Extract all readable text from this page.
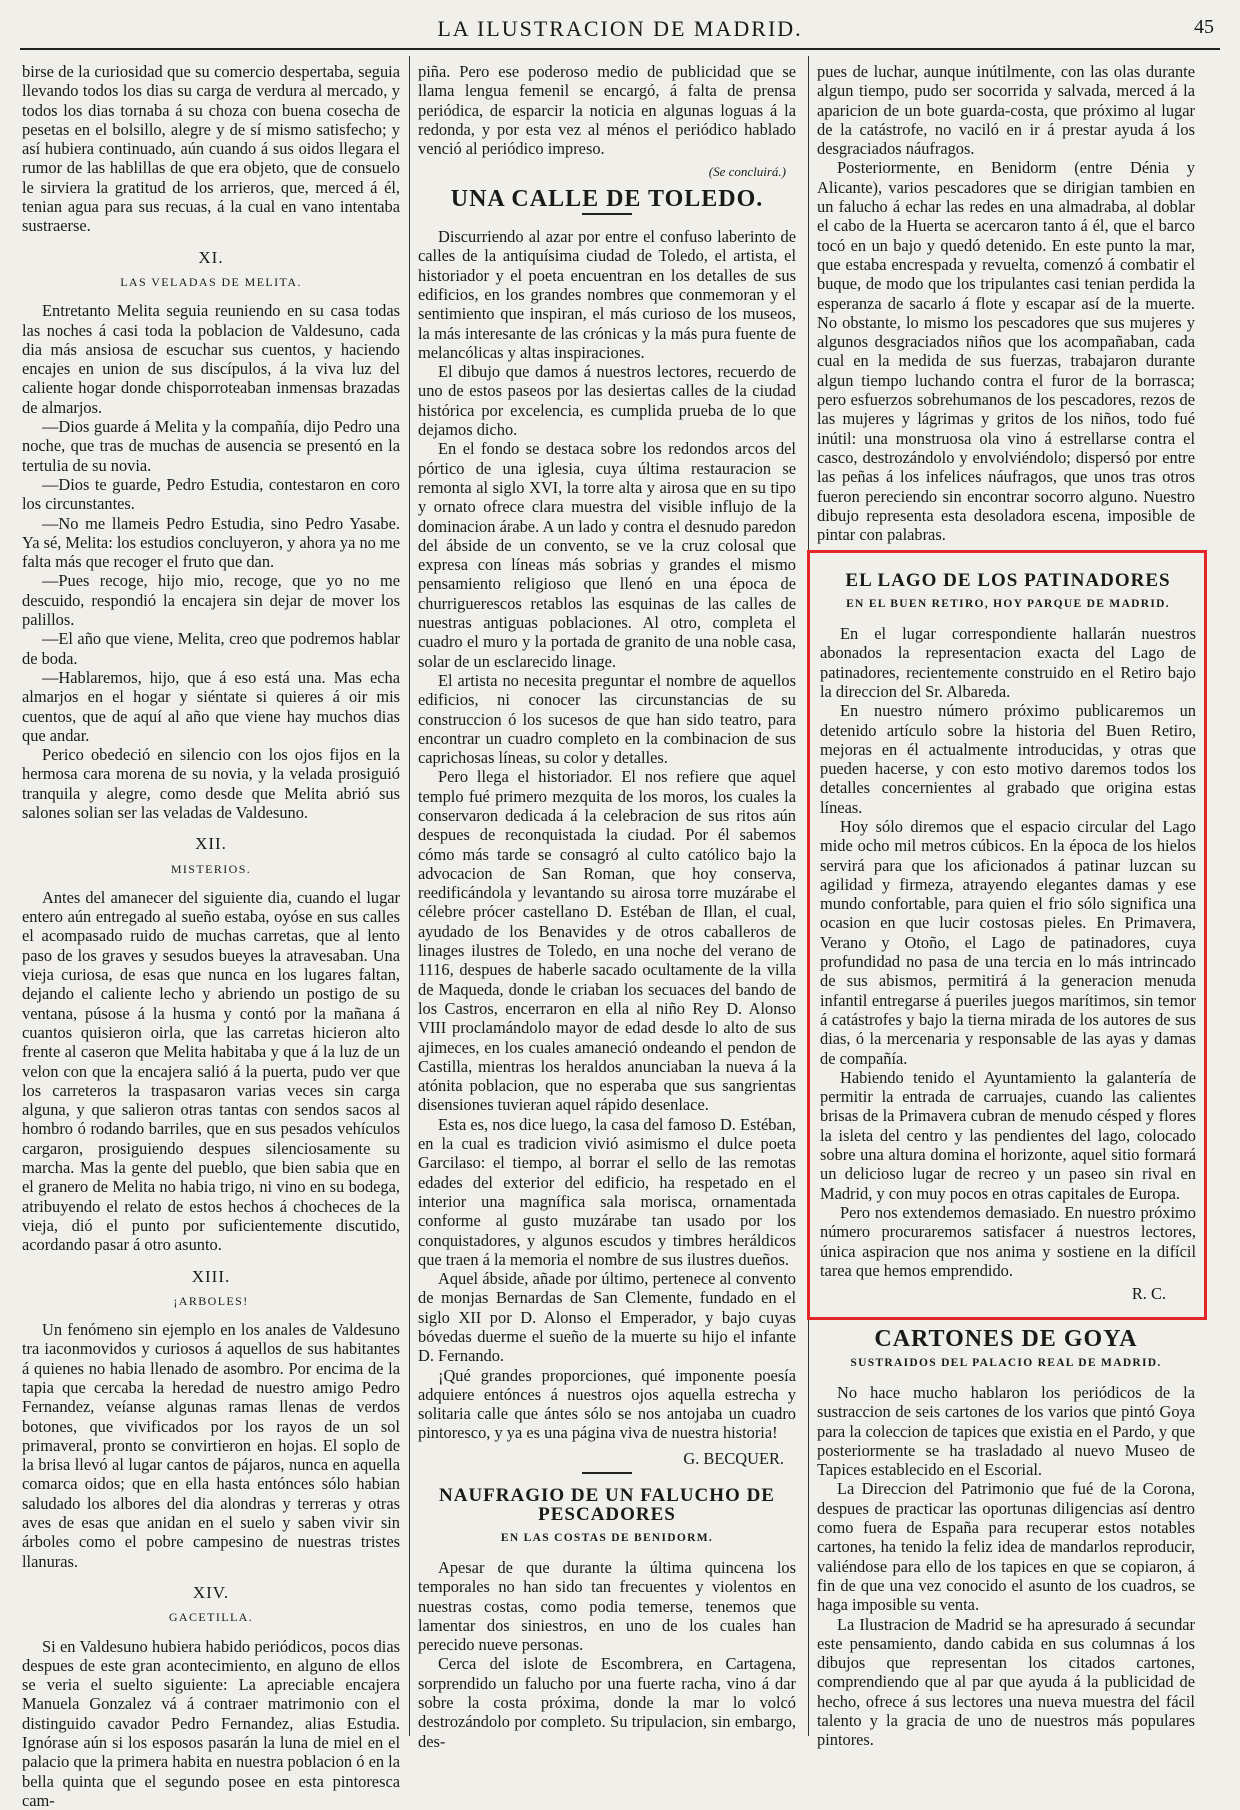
LA ILUSTRACION DE MADRID.	45

birse de la curiosidad que su comercio despertaba, seguia llevando todos los dias su carga de verdura al mercado, y todos los dias tornaba á su choza con buena cosecha de pesetas en el bolsillo, alegre y de sí mismo satisfecho; y así hubiera continuado, aún cuando á sus oidos llegara el rumor de las hablillas de que era objeto, que de consuelo le sirviera la gratitud de los arrieros, que, merced á él, tenian agua para sus recuas, á la cual en vano intentaba sustraerse.

XI.
LAS VELADAS DE MELITA.

Entretanto Melita seguia reuniendo en su casa todas las noches á casi toda la poblacion de Valdesuno, cada dia más ansiosa de escuchar sus cuentos, y haciendo encajes en union de sus discípulos, á la viva luz del caliente hogar donde chisporroteaban inmensas brazadas de almarjos.

—Dios guarde á Melita y la compañía, dijo Pedro una noche, que tras de muchas de ausencia se presentó en la tertulia de su novia.

—Dios te guarde, Pedro Estudia, contestaron en coro los circunstantes.

—No me llameis Pedro Estudia, sino Pedro Yasabe. Ya sé, Melita: los estudios concluyeron, y ahora ya no me falta más que recoger el fruto que dan.

—Pues recoge, hijo mio, recoge, que yo no me descuido, respondió la encajera sin dejar de mover los palillos.

—El año que viene, Melita, creo que podremos hablar de boda.

—Hablaremos, hijo, que á eso está una. Mas echa almarjos en el hogar y siéntate si quieres á oir mis cuentos, que de aquí al año que viene hay muchos dias que andar.

Perico obedeció en silencio con los ojos fijos en la hermosa cara morena de su novia, y la velada prosiguió tranquila y alegre, como desde que Melita abrió sus salones solian ser las veladas de Valdesuno.

XII.
MISTERIOS.

Antes del amanecer del siguiente dia, cuando el lugar entero aún entregado al sueño estaba, oyóse en sus calles el acompasado ruido de muchas carretas, que al lento paso de los graves y sesudos bueyes la atravesaban. Una vieja curiosa, de esas que nunca en los lugares faltan, dejando el caliente lecho y abriendo un postigo de su ventana, púsose á la husma y contó por la mañana á cuantos quisieron oirla, que las carretas hicieron alto frente al caseron que Melita habitaba y que á la luz de un velon con que la encajera salió á la puerta, pudo ver que los carreteros la traspasaron varias veces sin carga alguna, y que salieron otras tantas con sendos sacos al hombro ó rodando barriles, que en sus pesados vehículos cargaron, prosiguiendo despues silenciosamente su marcha. Mas la gente del pueblo, que bien sabia que en el granero de Melita no habia trigo, ni vino en su bodega, atribuyendo el relato de estos hechos á chocheces de la vieja, dió el punto por suficientemente discutido, acordando pasar á otro asunto.

XIII.
¡ARBOLES!

Un fenómeno sin ejemplo en los anales de Valdesuno tra iaconmovidos y curiosos á aquellos de sus habitantes á quienes no habia llenado de asombro. Por encima de la tapia que cercaba la heredad de nuestro amigo Pedro Fernandez, veíanse algunas ramas llenas de verdos botones, que vivificados por los rayos de un sol primaveral, pronto se convirtieron en hojas. El soplo de la brisa llevó al lugar cantos de pájaros, nunca en aquella comarca oidos; que en ella hasta entónces sólo habian saludado los albores del dia alondras y terreras y otras aves de esas que anidan en el suelo y saben vivir sin árboles como el pobre campesino de nuestras tristes llanuras.

XIV.
GACETILLA.

Si en Valdesuno hubiera habido periódicos, pocos dias despues de este gran acontecimiento, en alguno de ellos se veria el suelto siguiente: La apreciable encajera Manuela Gonzalez vá á contraer matrimonio con el distinguido cavador Pedro Fernandez, alias Estudia. Ignórase aún si los esposos pasarán la luna de miel en el palacio que la primera habita en nuestra poblacion ó en la bella quinta que el segundo posee en esta pintoresca cam-

piña. Pero ese poderoso medio de publicidad que se llama lengua femenil se encargó, á falta de prensa periódica, de esparcir la noticia en algunas loguas á la redonda, y por esta vez al ménos el periódico hablado venció al periódico impreso.

(Se concluirá.)

UNA CALLE DE TOLEDO.

Discurriendo al azar por entre el confuso laberinto de calles de la antiquísima ciudad de Toledo, el artista, el historiador y el poeta encuentran en los detalles de sus edificios, en los grandes nombres que conmemoran y el sentimiento que inspiran, el más curioso de los museos, la más interesante de las crónicas y la más pura fuente de melancólicas y altas inspiraciones.

El dibujo que damos á nuestros lectores, recuerdo de uno de estos paseos por las desiertas calles de la ciudad histórica por excelencia, es cumplida prueba de lo que dejamos dicho.

En el fondo se destaca sobre los redondos arcos del pórtico de una iglesia, cuya última restauracion se remonta al siglo XVI, la torre alta y airosa que en su tipo y ornato ofrece clara muestra del visible influjo de la dominacion árabe. A un lado y contra el desnudo paredon del ábside de un convento, se ve la cruz colosal que expresa con líneas más sobrias y grandes el mismo pensamiento religioso que llenó en una época de churriguerescos retablos las esquinas de las calles de nuestras antiguas poblaciones. Al otro, completa el cuadro el muro y la portada de granito de una noble casa, solar de un esclarecido linage.

El artista no necesita preguntar el nombre de aquellos edificios, ni conocer las circunstancias de su construccion ó los sucesos de que han sido teatro, para encontrar un cuadro completo en la combinacion de sus caprichosas líneas, su color y detalles.

Pero llega el historiador. El nos refiere que aquel templo fué primero mezquita de los moros, los cuales la conservaron dedicada á la celebracion de sus ritos aún despues de reconquistada la ciudad. Por él sabemos cómo más tarde se consagró al culto católico bajo la advocacion de San Roman, que hoy conserva, reedificándola y levantando su airosa torre muzárabe el célebre prócer castellano D. Estéban de Illan, el cual, ayudado de los Benavides y de otros caballeros de linages ilustres de Toledo, en una noche del verano de 1116, despues de haberle sacado ocultamente de la villa de Maqueda, donde le criaban los secuaces del bando de los Castros, encerraron en ella al niño Rey D. Alonso VIII proclamándolo mayor de edad desde lo alto de sus ajimeces, en los cuales amaneció ondeando el pendon de Castilla, mientras los heraldos anunciaban la nueva á la atónita poblacion, que no esperaba que sus sangrientas disensiones tuvieran aquel rápido desenlace.

Esta es, nos dice luego, la casa del famoso D. Estéban, en la cual es tradicion vivió asimismo el dulce poeta Garcilaso: el tiempo, al borrar el sello de las remotas edades del exterior del edificio, ha respetado en el interior una magnífica sala morisca, ornamentada conforme al gusto muzárabe tan usado por los conquistadores, y algunos escudos y timbres heráldicos que traen á la memoria el nombre de sus ilustres dueños.

Aquel ábside, añade por último, pertenece al convento de monjas Bernardas de San Clemente, fundado en el siglo XII por D. Alonso el Emperador, y bajo cuyas bóvedas duerme el sueño de la muerte su hijo el infante D. Fernando.

¡Qué grandes proporciones, qué imponente poesía adquiere entónces á nuestros ojos aquella estrecha y solitaria calle que ántes sólo se nos antojaba un cuadro pintoresco, y ya es una página viva de nuestra historia!

G. BECQUER.

NAUFRAGIO DE UN FALUCHO DE PESCADORES
EN LAS COSTAS DE BENIDORM.

Apesar de que durante la última quincena los temporales no han sido tan frecuentes y violentos en nuestras costas, como podia temerse, tenemos que lamentar dos siniestros, en uno de los cuales han perecido nueve personas.

Cerca del islote de Escombrera, en Cartagena, sorprendido un falucho por una fuerte racha, vino á dar sobre la costa próxima, donde la mar lo volcó destrozándolo por completo. Su tripulacion, sin embargo, des-

pues de luchar, aunque inútilmente, con las olas durante algun tiempo, pudo ser socorrida y salvada, merced á la aparicion de un bote guarda-costa, que próximo al lugar de la catástrofe, no vaciló en ir á prestar ayuda á los desgraciados náufragos.

Posteriormente, en Benidorm (entre Dénia y Alicante), varios pescadores que se dirigian tambien en un falucho á echar las redes en una almadraba, al doblar el cabo de la Huerta se acercaron tanto á él, que el barco tocó en un bajo y quedó detenido. En este punto la mar, que estaba encrespada y revuelta, comenzó á combatir el buque, de modo que los tripulantes casi tenian perdida la esperanza de sacarlo á flote y escapar así de la muerte. No obstante, lo mismo los pescadores que sus mujeres y algunos desgraciados niños que los acompañaban, cada cual en la medida de sus fuerzas, trabajaron durante algun tiempo luchando contra el furor de la borrasca; pero esfuerzos sobrehumanos de los pescadores, rezos de las mujeres y lágrimas y gritos de los niños, todo fué inútil: una monstruosa ola vino á estrellarse contra el casco, destrozándolo y envolviéndolo; dispersó por entre las peñas á los infelices náufragos, que unos tras otros fueron pereciendo sin encontrar socorro alguno. Nuestro dibujo representa esta desoladora escena, imposible de pintar con palabras.

EL LAGO DE LOS PATINADORES
EN EL BUEN RETIRO, HOY PARQUE DE MADRID.

En el lugar correspondiente hallarán nuestros abonados la representacion exacta del Lago de patinadores, recientemente construido en el Retiro bajo la direccion del Sr. Albareda.

En nuestro número próximo publicaremos un detenido artículo sobre la historia del Buen Retiro, mejoras en él actualmente introducidas, y otras que pueden hacerse, y con esto motivo daremos todos los detalles concernientes al grabado que origina estas líneas.

Hoy sólo diremos que el espacio circular del Lago mide ocho mil metros cúbicos. En la época de los hielos servirá para que los aficionados á patinar luzcan su agilidad y firmeza, atrayendo elegantes damas y ese mundo confortable, para quien el frio sólo significa una ocasion en que lucir costosas pieles. En Primavera, Verano y Otoño, el Lago de patinadores, cuya profundidad no pasa de una tercia en lo más intrincado de sus abismos, permitirá á la generacion menuda infantil entregarse á pueriles juegos marítimos, sin temor á catástrofes y bajo la tierna mirada de los autores de sus dias, ó la mercenaria y responsable de las ayas y damas de compañía.

Habiendo tenido el Ayuntamiento la galantería de permitir la entrada de carruajes, cuando las calientes brisas de la Primavera cubran de menudo césped y flores la isleta del centro y las pendientes del lago, colocado sobre una altura domina el horizonte, aquel sitio formará un delicioso lugar de recreo y un paseo sin rival en Madrid, y con muy pocos en otras capitales de Europa.

Pero nos extendemos demasiado. En nuestro próximo número procuraremos satisfacer á nuestros lectores, única aspiracion que nos anima y sostiene en la difícil tarea que hemos emprendido.

R. C.

CARTONES DE GOYA
SUSTRAIDOS DEL PALACIO REAL DE MADRID.

No hace mucho hablaron los periódicos de la sustraccion de seis cartones de los varios que pintó Goya para la coleccion de tapices que existia en el Pardo, y que posteriormente se ha trasladado al nuevo Museo de Tapices establecido en el Escorial.

La Direccion del Patrimonio que fué de la Corona, despues de practicar las oportunas diligencias así dentro como fuera de España para recuperar estos notables cartones, ha tenido la feliz idea de mandarlos reproducir, valiéndose para ello de los tapices en que se copiaron, á fin de que una vez conocido el asunto de los cuadros, se haga imposible su venta.

La Ilustracion de Madrid se ha apresurado á secundar este pensamiento, dando cabida en sus columnas á los dibujos que representan los citados cartones, comprendiendo que al par que ayuda á la publicidad de hecho, ofrece á sus lectores una nueva muestra del fácil talento y la gracia de uno de nuestros más populares pintores.
